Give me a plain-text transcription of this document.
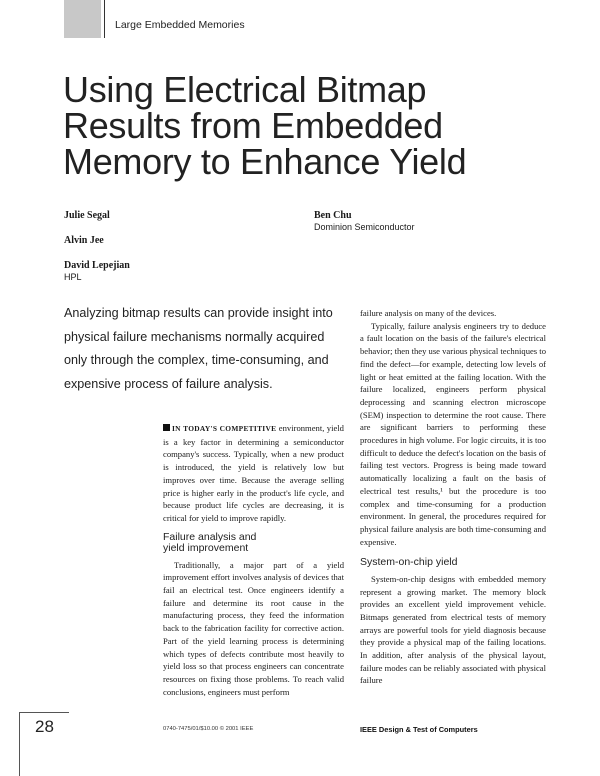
Large Embedded Memories
Using Electrical Bitmap
Results from Embedded
Memory to Enhance Yield
Julie Segal
Alvin Jee
David Lepejian
HPL
Ben Chu
Dominion Semiconductor
Analyzing bitmap results can provide insight into
physical failure mechanisms normally acquired
only through the complex, time-consuming, and
expensive process of failure analysis.

IN TODAY'S COMPETITIVE environment, yield is a key factor in determining a semiconductor company's success. Typically, when a new product is introduced, the yield is relatively low but improves over time. Because the average selling price is higher early in the product's life cycle, and because product life cycles are decreasing, it is critical for yield to improve rapidly.

Failure analysis and
yield improvement

Traditionally, a major part of a yield improvement effort involves analysis of devices that fail an electrical test. Once engineers identify a failure and determine its root cause in the manufacturing process, they feed the information back to the fabrication facility for corrective action. Part of the yield learning process is determining which types of defects contribute most heavily to yield loss so that process engineers can concentrate resources on fixing those problems. To reach valid conclusions, engineers must perform

failure analysis on many of the devices.

Typically, failure analysis engineers try to deduce a fault location on the basis of the failure's electrical behavior; then they use various physical techniques to find the defect—for example, detecting low levels of light or heat emitted at the failing location. With the failure localized, engineers perform physical deprocessing and scanning electron microscope (SEM) inspection to determine the root cause. There are significant barriers to performing these procedures in high volume. For logic circuits, it is too difficult to deduce the defect's location on the basis of failing test vectors. Progress is being made toward automatically localizing a fault on the basis of electrical test results,¹ but the procedure is too complex and time-consuming for a production environment. In general, the procedures required for physical failure analysis are both time-consuming and expensive.

System-on-chip yield

System-on-chip designs with embedded memory represent a growing market. The memory block provides an excellent yield improvement vehicle. Bitmaps generated from electrical tests of memory arrays are powerful tools for yield diagnosis because they provide a physical map of the failing locations. In addition, after analysis of the physical layout, failure modes can be reliably associated with physical failure

28	0740-7475/01/$10.00 © 2001 IEEE	IEEE Design & Test of Computers
